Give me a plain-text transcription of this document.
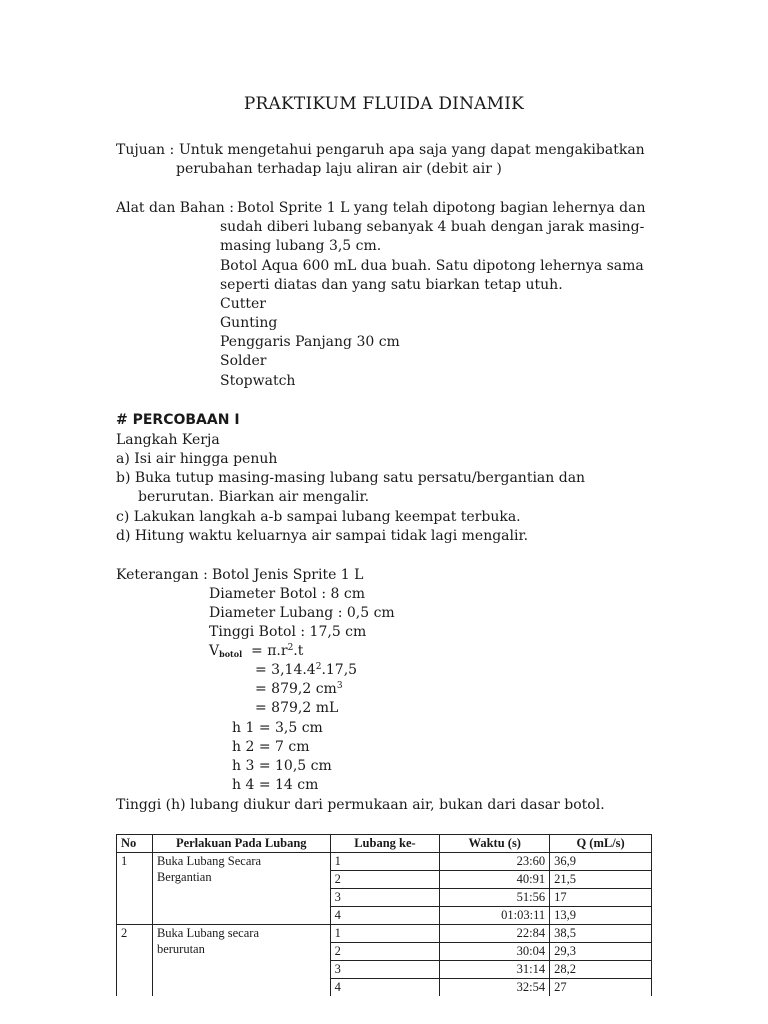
PRAKTIKUM FLUIDA DINAMIK
Tujuan : Untuk mengetahui pengaruh apa saja yang dapat mengakibatkan
perubahan terhadap laju aliran air (debit air )
Alat dan Bahan : Botol Sprite 1 L yang telah dipotong bagian lehernya dan
sudah diberi lubang sebanyak 4 buah dengan jarak masing-
masing lubang 3,5 cm.
Botol Aqua 600 mL dua buah. Satu dipotong lehernya sama
seperti diatas dan yang satu biarkan tetap utuh.
Cutter
Gunting
Penggaris Panjang 30 cm
Solder
Stopwatch
# PERCOBAAN I
Langkah Kerja
a) Isi air hingga penuh
b) Buka tutup masing-masing lubang satu persatu/bergantian dan
berurutan. Biarkan air mengalir.
c) Lakukan langkah a-b sampai lubang keempat terbuka.
d) Hitung waktu keluarnya air sampai tidak lagi mengalir.
Keterangan : Botol Jenis Sprite 1 L
Diameter Botol : 8 cm
Diameter Lubang : 0,5 cm
Tinggi Botol : 17,5 cm
$V_{botol} = \pi.r^2.t$
= $3,14.4^2.17,5$
= 879,2 $cm^3$
= 879,2 mL
h 1 = 3,5 cm
h 2 = 7 cm
h 3 = 10,5 cm
h 4 = 14 cm
Tinggi (h) lubang diukur dari permukaan air, bukan dari dasar botol.
No	Perlakuan Pada Lubang	Lubang ke-	Waktu (s)	Q (mL/s)
1	Buka Lubang Secara
Bergantian	1	23:60	36,9
		2	40:91	21,5
		3	51:56	17
		4	01:03:11	13,9
2	Buka Lubang secara
berurutan	1	22:84	38,5
		2	30:04	29,3
		3	31:14	28,2
		4	32:54	27
